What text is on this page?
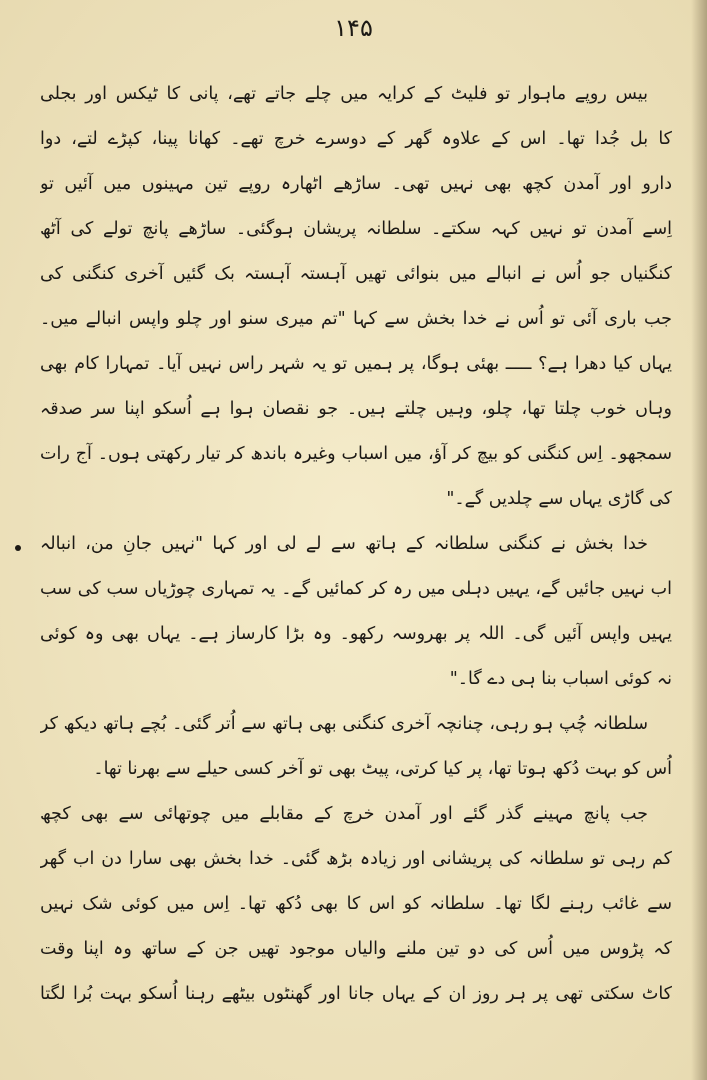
۱۴۵
بیس روپے ماہوار تو فلیٹ کے کرایہ میں چلے جاتے تھے، پانی کا ٹیکس اور بجلی
کا بل جُدا تھا۔ اس کے علاوہ گھر کے دوسرے خرچ تھے۔ کھانا پینا، کپڑے لتے، دوا
دارو اور آمدن کچھ بھی نہیں تھی۔ ساڑھے اٹھارہ روپے تین مہینوں میں آئیں تو
اِسے آمدن تو نہیں کہہ سکتے۔ سلطانہ پریشان ہوگئی۔ ساڑھے پانچ تولے کی آٹھ
کنگنیاں جو اُس نے انبالے میں بنوائی تھیں آہستہ آہستہ بک گئیں آخری کنگنی کی
جب باری آئی تو اُس نے خدا بخش سے کہا "تم میری سنو اور چلو واپس انبالے میں۔
یہاں کیا دھرا ہے؟ ـــــ بھئی ہوگا، پر ہمیں تو یہ شہر راس نہیں آیا۔ تمہارا کام بھی
وہاں خوب چلتا تھا، چلو، وہیں چلتے ہیں۔ جو نقصان ہوا ہے اُسکو اپنا سر صدقہ
سمجھو۔ اِس کنگنی کو بیچ کر آؤ، میں اسباب وغیرہ باندھ کر تیار رکھتی ہوں۔ آج رات
کی گاڑی یہاں سے چلدیں گے۔"
خدا بخش نے کنگنی سلطانہ کے ہاتھ سے لے لی اور کہا "نہیں جانِ من، انبالہ
اب نہیں جائیں گے، یہیں دہلی میں رہ کر کمائیں گے۔ یہ تمہاری چوڑیاں سب کی سب
یہیں واپس آئیں گی۔ اللہ پر بھروسہ رکھو۔ وہ بڑا کارساز ہے۔ یہاں بھی وہ کوئی
نہ کوئی اسباب بنا ہی دے گا۔"
سلطانہ چُپ ہو رہی، چنانچہ آخری کنگنی بھی ہاتھ سے اُتر گئی۔ بُچے ہاتھ دیکھ کر
اُس کو بہت دُکھ ہوتا تھا، پر کیا کرتی، پیٹ بھی تو آخر کسی حیلے سے بھرنا تھا۔
جب پانچ مہینے گذر گئے اور آمدن خرچ کے مقابلے میں چوتھائی سے بھی کچھ
کم رہی تو سلطانہ کی پریشانی اور زیادہ بڑھ گئی۔ خدا بخش بھی سارا دن اب گھر
سے غائب رہنے لگا تھا۔ سلطانہ کو اس کا بھی دُکھ تھا۔ اِس میں کوئی شک نہیں
کہ پڑوس میں اُس کی دو تین ملنے والیاں موجود تھیں جن کے ساتھ وہ اپنا وقت
کاٹ سکتی تھی پر ہر روز ان کے یہاں جانا اور گھنٹوں بیٹھے رہنا اُسکو بہت بُرا لگتا
